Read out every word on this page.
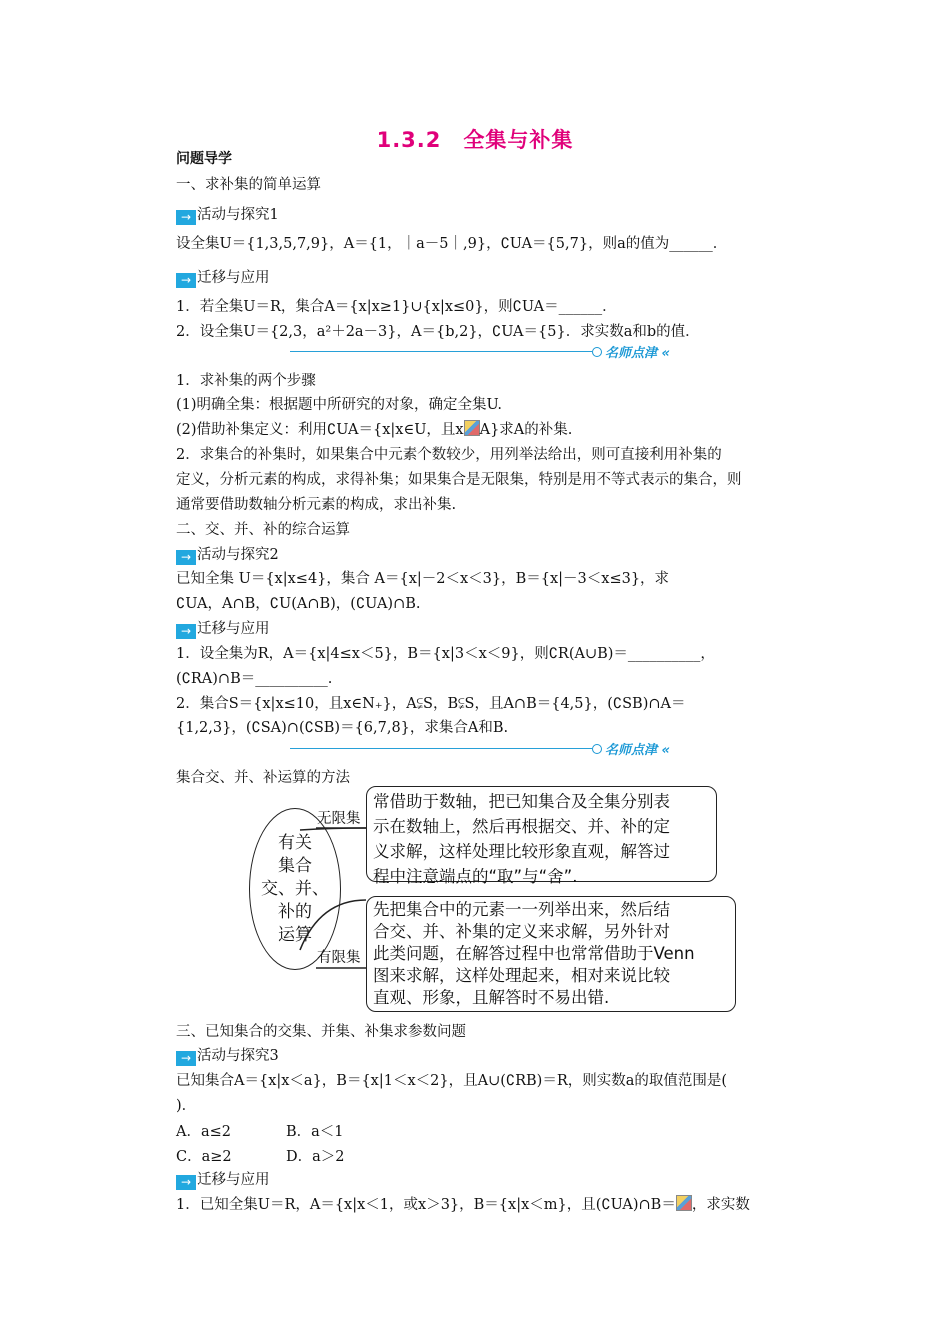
1.3.2　全集与补集
问题导学
一、求补集的简单运算
→ 活动与探究1
设全集U＝{1,3,5,7,9}，A＝{1，｜a－5｜,9}，∁UA＝{5,7}，则a的值为______．
→ 迁移与应用
1．若全集U＝R，集合A＝{x|x≥1}∪{x|x≤0}，则∁UA＝______．
2．设全集U＝{2,3，a²＋2a－3}，A＝{b,2}，∁UA＝{5}．求实数a和b的值．
名师点津 «
1．求补集的两个步骤
(1)明确全集：根据题中所研究的对象，确定全集U.
(2)借助补集定义：利用∁UA＝{x|x∈U，且x A}求A的补集.
2．求集合的补集时，如果集合中元素个数较少，用列举法给出，则可直接利用补集的
定义，分析元素的构成，求得补集；如果集合是无限集，特别是用不等式表示的集合，则
通常要借助数轴分析元素的构成，求出补集.
二、交、并、补的综合运算
→ 活动与探究2
已知全集 U＝{x|x≤4}，集合 A＝{x|－2＜x＜3}，B＝{x|－3＜x≤3}，求
∁UA，A∩B，∁U(A∩B)，(∁UA)∩B.
→ 迁移与应用
1．设全集为R，A＝{x|4≤x＜5}，B＝{x|3＜x＜9}，则∁R(A∪B)＝__________，
(∁RA)∩B＝__________.
2．集合S＝{x|x≤10，且x∈N₊}，A⫋S，B⫋S，且A∩B＝{4,5}，(∁SB)∩A＝
{1,2,3}，(∁SA)∩(∁SB)＝{6,7,8}，求集合A和B.
名师点津 «
集合交、并、补运算的方法
有关
集合
交、并、
补的
运算
无限集
有限集
常借助于数轴，把已知集合及全集分别表
示在数轴上，然后再根据交、并、补的定
义求解，这样处理比较形象直观，解答过
程中注意端点的“取”与“舍”.
先把集合中的元素一一列举出来，然后结
合交、并、补集的定义来求解，另外针对
此类问题，在解答过程中也常常借助于Venn
图来求解，这样处理起来，相对来说比较
直观、形象，且解答时不易出错.
三、已知集合的交集、并集、补集求参数问题
→ 活动与探究3
已知集合A＝{x|x＜a}，B＝{x|1＜x＜2}，且A∪(∁RB)＝R，则实数a的取值范围是(
)．
A．a≤2	B．a＜1
C．a≥2	D．a＞2
→ 迁移与应用
1．已知全集U＝R，A＝{x|x＜1，或x＞3}，B＝{x|x＜m}，且(∁UA)∩B＝ ，求实数
